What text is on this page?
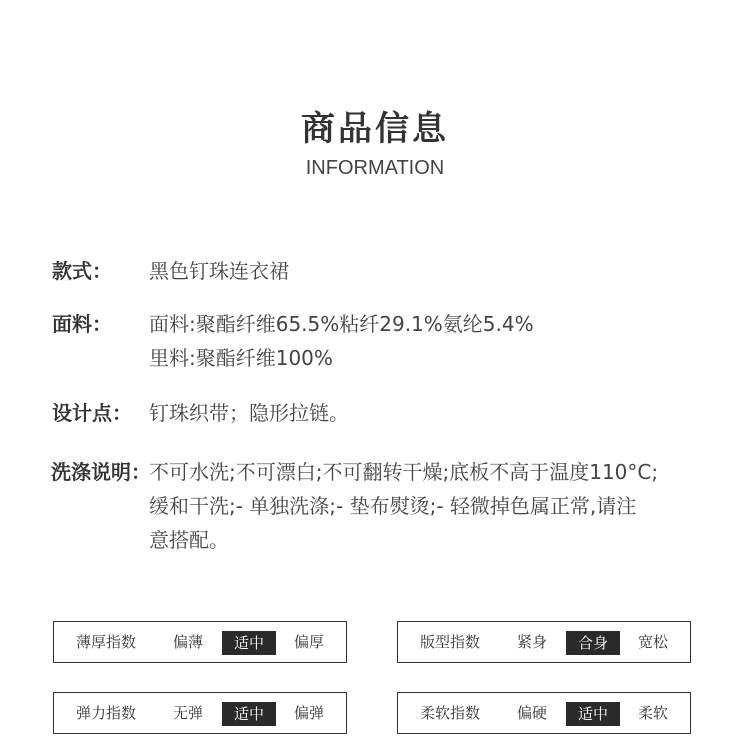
商品信息
INFORMATION
款式： 黑色钉珠连衣裙
面料： 面料:聚酯纤维65.5%粘纤29.1%氨纶5.4%
里料:聚酯纤维100%
设计点： 钉珠织带；隐形拉链。
洗涤说明：
不可水洗;不可漂白;不可翻转干燥;底板不高于温度110°C;
缓和干洗;- 单独洗涤;- 垫布熨烫;- 轻微掉色属正常,请注
意搭配。
薄厚指数 偏薄	适中	偏厚	版型指数 紧身	合身	宽松
弹力指数 无弹	适中	偏弹	柔软指数 偏硬	适中	柔软
